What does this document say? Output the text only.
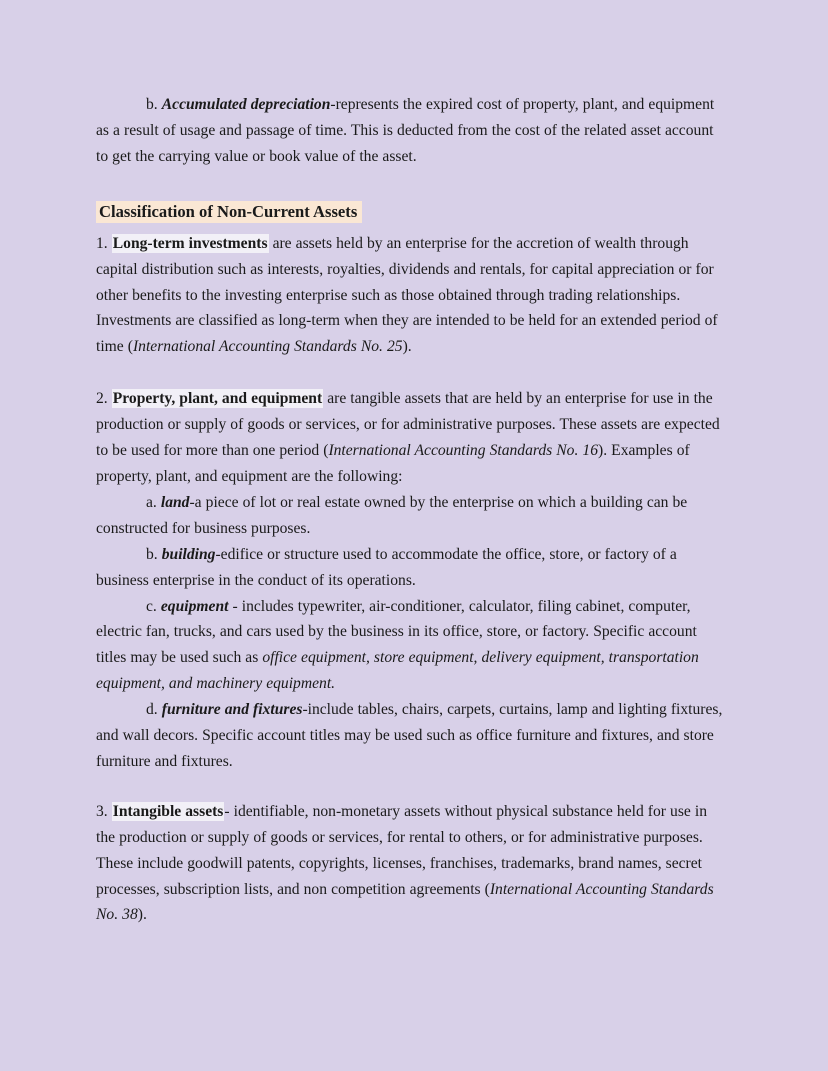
b. Accumulated depreciation-represents the expired cost of property, plant, and equipment as a result of usage and passage of time. This is deducted from the cost of the related asset account to get the carrying value or book value of the asset.

Classification of Non-Current Assets

1. Long-term investments are assets held by an enterprise for the accretion of wealth through capital distribution such as interests, royalties, dividends and rentals, for capital appreciation or for other benefits to the investing enterprise such as those obtained through trading relationships. Investments are classified as long-term when they are intended to be held for an extended period of time (International Accounting Standards No. 25).

2. Property, plant, and equipment are tangible assets that are held by an enterprise for use in the production or supply of goods or services, or for administrative purposes. These assets are expected to be used for more than one period (International Accounting Standards No. 16). Examples of property, plant, and equipment are the following:

a. land-a piece of lot or real estate owned by the enterprise on which a building can be constructed for business purposes.

b. building-edifice or structure used to accommodate the office, store, or factory of a business enterprise in the conduct of its operations.

c. equipment - includes typewriter, air-conditioner, calculator, filing cabinet, computer, electric fan, trucks, and cars used by the business in its office, store, or factory. Specific account titles may be used such as office equipment, store equipment, delivery equipment, transportation equipment, and machinery equipment.

d. furniture and fixtures-include tables, chairs, carpets, curtains, lamp and lighting fixtures, and wall decors. Specific account titles may be used such as office furniture and fixtures, and store furniture and fixtures.

3. Intangible assets- identifiable, non-monetary assets without physical substance held for use in the production or supply of goods or services, for rental to others, or for administrative purposes. These include goodwill patents, copyrights, licenses, franchises, trademarks, brand names, secret processes, subscription lists, and non competition agreements (International Accounting Standards No. 38).
